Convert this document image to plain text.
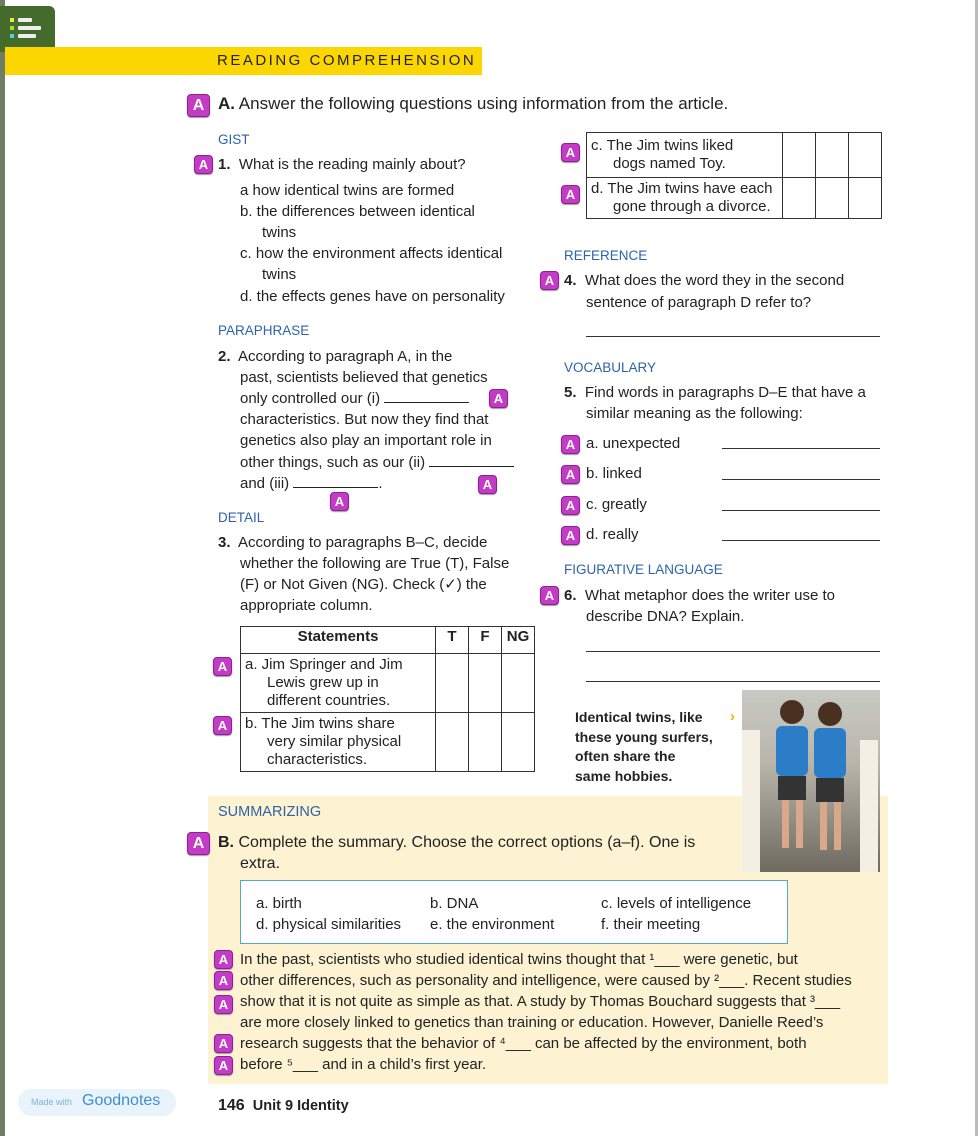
READING COMPREHENSION
A A. Answer the following questions using information from the article.
GIST
A 1. What is the reading mainly about?
a how identical twins are formed
b. the differences between identical
twins
c. how the environment affects identical
twins
d. the effects genes have on personality
PARAPHRASE
2. According to paragraph A, in the
past, scientists believed that genetics
only controlled our (i)	A
characteristics. But now they find that
genetics also play an important role in
other things, such as our (ii)
and (iii)	.	A
A
DETAIL
3. According to paragraphs B–C, decide
whether the following are True (T), False
(F) or Not Given (NG). Check (✓) the
appropriate column.
Statements	T	F	NG

a. Jim Springer and Jim
Lewis grew up in
different countries.			

b. The Jim twins share
very similar physical
characteristics.			

A
A
c. The Jim twins liked
dogs named Toy.			

d. The Jim twins have each
gone through a divorce.			

A
A
REFERENCE
A 4. What does the word they in the second
sentence of paragraph D refer to?
VOCABULARY
5. Find words in paragraphs D–E that have a
similar meaning as the following:
A a. unexpected
A b. linked
A c. greatly
A d. really
FIGURATIVE LANGUAGE
A 6. What metaphor does the writer use to
describe DNA? Explain.
Identical twins, like
these young surfers,
often share the
same hobbies.
›
SUMMARIZING
A B. Complete the summary. Choose the correct options (a–f). One is
extra.
a. birth	b. DNA	c. levels of intelligence
d. physical similarities e. the environment	f. their meeting
In the past, scientists who studied identical twins thought that ¹___ were genetic, but
other differences, such as personality and intelligence, were caused by ²___. Recent studies
show that it is not quite as simple as that. A study by Thomas Bouchard suggests that ³___
are more closely linked to genetics than training or education. However, Danielle Reed’s
research suggests that the behavior of ⁴___ can be affected by the environment, both
before ⁵___ and in a child’s first year.
A
A
A
A
A
Made with Goodnotes	146 Unit 9 Identity
